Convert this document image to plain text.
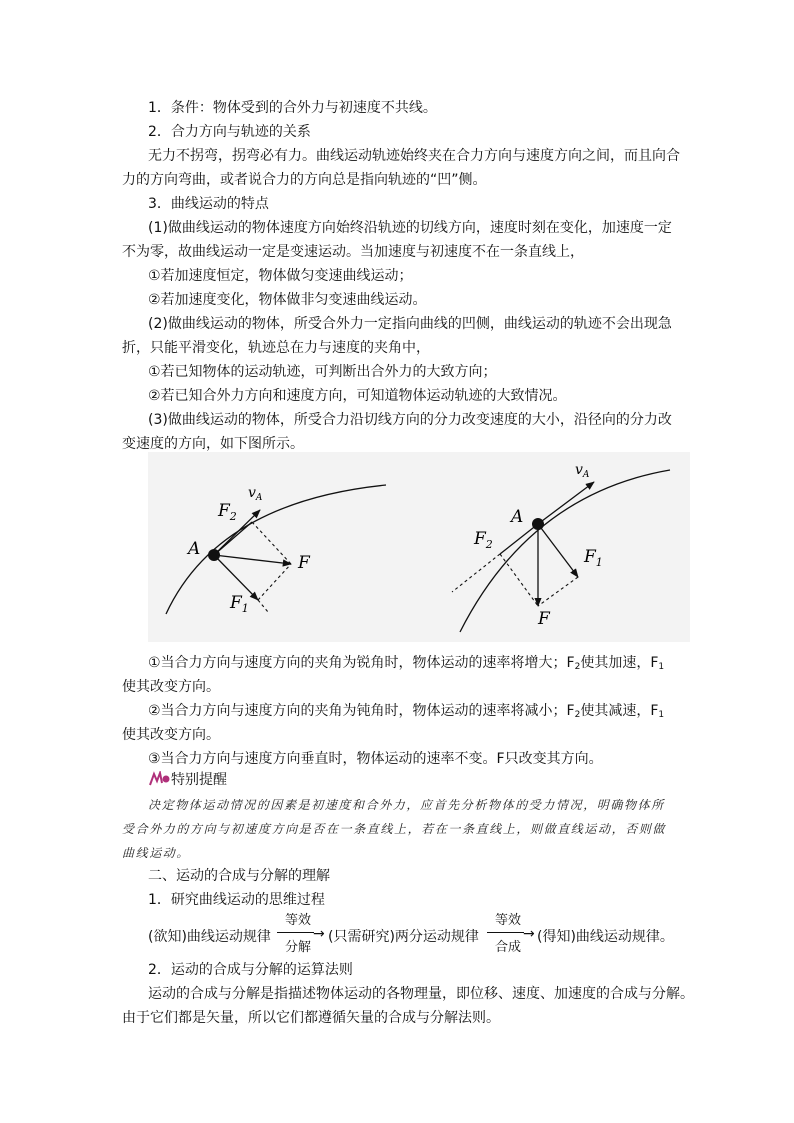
1．条件：物体受到的合外力与初速度不共线。
2．合力方向与轨迹的关系
无力不拐弯，拐弯必有力。曲线运动轨迹始终夹在合力方向与速度方向之间，而且向合
力的方向弯曲，或者说合力的方向总是指向轨迹的“凹”侧。
3．曲线运动的特点
(1)做曲线运动的物体速度方向始终沿轨迹的切线方向，速度时刻在变化，加速度一定
不为零，故曲线运动一定是变速运动。当加速度与初速度不在一条直线上，
①若加速度恒定，物体做匀变速曲线运动；
②若加速度变化，物体做非匀变速曲线运动。
(2)做曲线运动的物体，所受合外力一定指向曲线的凹侧，曲线运动的轨迹不会出现急
折，只能平滑变化，轨迹总在力与速度的夹角中，
①若已知物体的运动轨迹，可判断出合外力的大致方向；
②若已知合外力方向和速度方向，可知道物体运动轨迹的大致情况。
(3)做曲线运动的物体，所受合力沿切线方向的分力改变速度的大小，沿径向的分力改
变速度的方向，如下图所示。
A
$v_A$
$F_2$
F
$F_1$
A
$v_A$
$F_2$
$F_1$
F
①当合力方向与速度方向的夹角为锐角时，物体运动的速率将增大；$F_2$使其加速，$F_1$
使其改变方向。
②当合力方向与速度方向的夹角为钝角时，物体运动的速率将减小；$F_2$使其减速，$F_1$
使其改变方向。
③当合力方向与速度方向垂直时，物体运动的速率不变。F只改变其方向。
特别提醒
决定物体运动情况的因素是初速度和合外力，应首先分析物体的受力情况，明确物体所
受合外力的方向与初速度方向是否在一条直线上，若在一条直线上，则做直线运动，否则做
曲线运动。
二、运动的合成与分解的理解
1．研究曲线运动的思维过程
(欲知)曲线运动规律
等效
→
分解
(只需研究)两分运动规律
等效
→
合成
(得知)曲线运动规律。
2．运动的合成与分解的运算法则
运动的合成与分解是指描述物体运动的各物理量，即位移、速度、加速度的合成与分解。
由于它们都是矢量，所以它们都遵循矢量的合成与分解法则。
